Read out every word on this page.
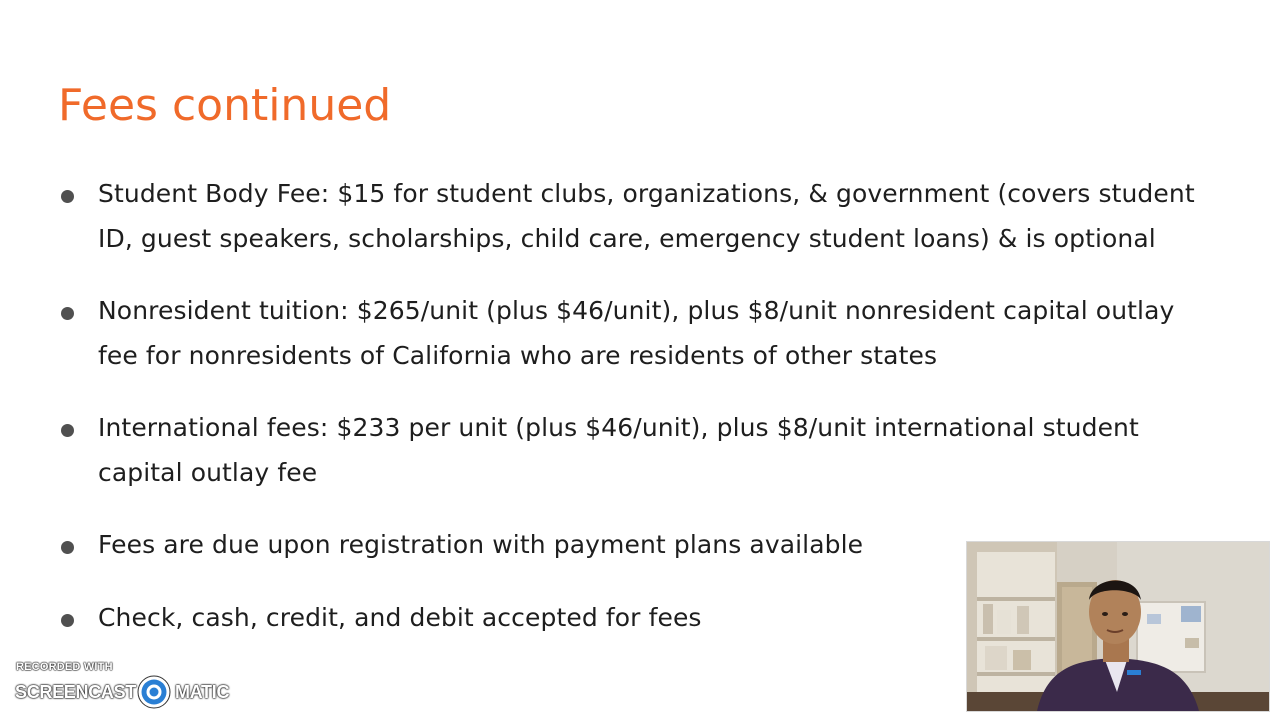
Fees continued
Student Body Fee: $15 for student clubs, organizations, & government (covers student
ID, guest speakers, scholarships, child care, emergency student loans) & is optional
Nonresident tuition: $265/unit (plus $46/unit), plus $8/unit nonresident capital outlay
fee for nonresidents of California who are residents of other states
International fees: $233 per unit (plus $46/unit), plus $8/unit international student
capital outlay fee
Fees are due upon registration with payment plans available
Check, cash, credit, and debit accepted for fees
RECORDED WITH
SCREENCAST MATIC
